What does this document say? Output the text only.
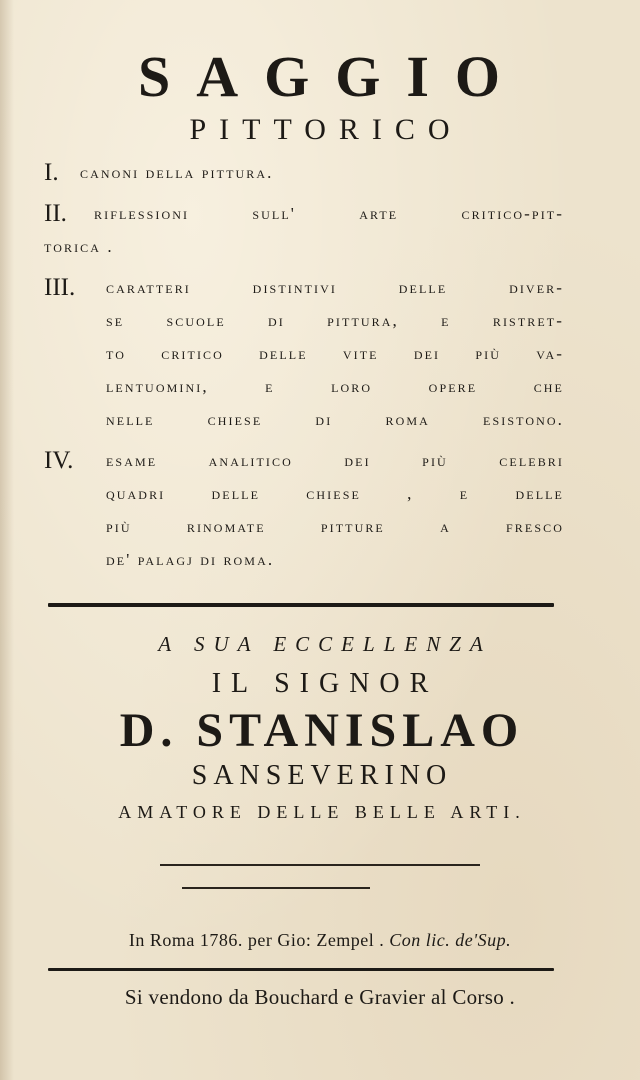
SAGGIO
PITTORICO
I.	canoni della pittura.
II.	riflessioni sull' arte critico-pit-
torica .
III.	caratteri distintivi delle diver-
se scuole di pittura, e ristret-
to critico delle vite dei più va-
lentuomini, e loro opere che
nelle chiese di roma esistono.
IV.	esame analitico dei più celebri
quadri delle chiese , e delle
più rinomate pitture a fresco
de' palagj di roma.
A SUA ECCELLENZA
IL SIGNOR
D. STANISLAO
SANSEVERINO
AMATORE DELLE BELLE ARTI.
In Roma 1786. per Gio: Zempel . Con lic. de'Sup.
Si vendono da Bouchard e Gravier al Corso .
